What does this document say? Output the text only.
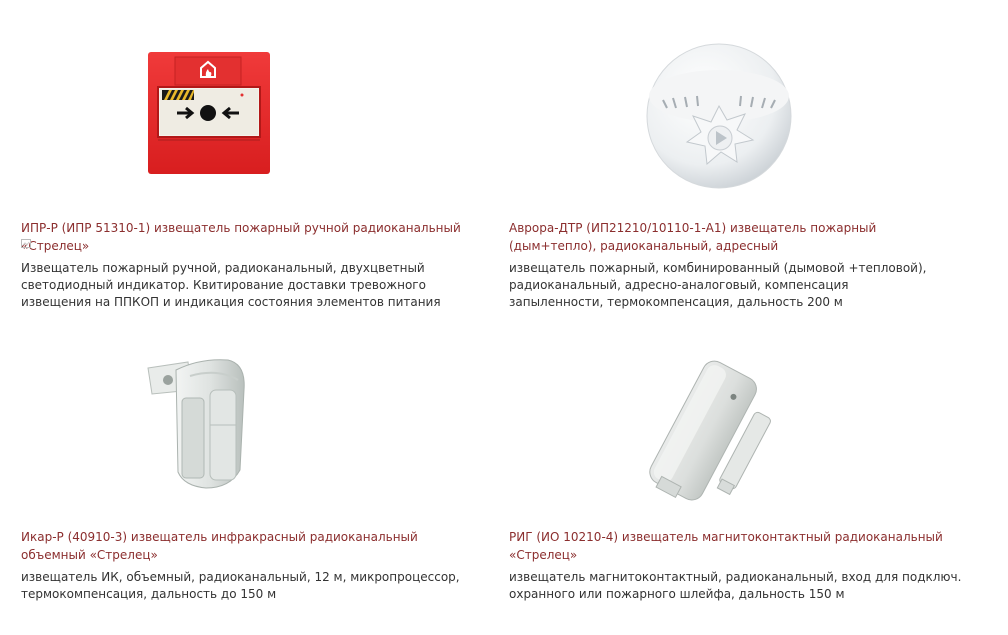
ИПР-Р (ИПР 51310-1) извещатель пожарный ручной радиоканальный «Стрелец»
Извещатель пожарный ручной, радиоканальный, двухцветный светодиодный индикатор. Квитирование доставки тревожного извещения на ППКОП и индикация состояния элементов питания
Аврора-ДТР (ИП21210/10110-1-А1) извещатель пожарный (дым+тепло), радиоканальный, адресный
извещатель пожарный, комбинированный (дымовой +тепловой), радиоканальный, адресно-аналоговый, компенсация запыленности, термокомпенсация, дальность 200 м
Икар-Р (40910-3) извещатель инфракрасный радиоканальный объемный «Стрелец»
извещатель ИК, объемный, радиоканальный, 12 м, микропроцессор, термокомпенсация, дальность до 150 м
РИГ (ИО 10210-4) извещатель магнитоконтактный радиоканальный «Стрелец»
извещатель магнитоконтактный, радиоканальный, вход для подключ. охранного или пожарного шлейфа, дальность 150 м
